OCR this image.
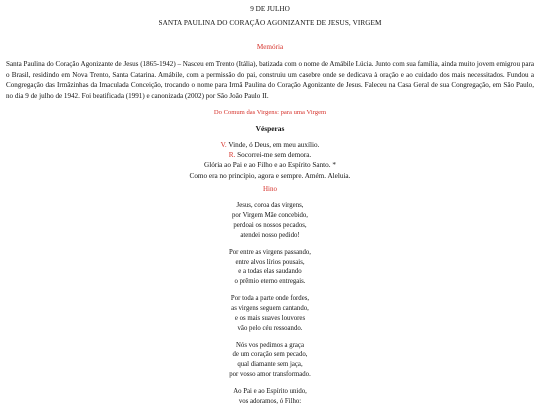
9 DE JULHO
SANTA PAULINA DO CORAÇÃO AGONIZANTE DE JESUS, VIRGEM
Memória
Santa Paulina do Coração Agonizante de Jesus (1865-1942) – Nasceu em Trento (Itália), batizada com o nome de Amábile Lúcia. Junto com sua família, ainda muito jovem emigrou para o Brasil, residindo em Nova Trento, Santa Catarina. Amábile, com a permissão do pai, construiu um casebre onde se dedicava à oração e ao cuidado dos mais necessitados. Fundou a Congregação das Irmãzinhas da Imaculada Conceição, trocando o nome para Irmã Paulina do Coração Agonizante de Jesus. Faleceu na Casa Geral de sua Congregação, em São Paulo, no dia 9 de julho de 1942. Foi beatificada (1991) e canonizada (2002) por São João Paulo II.
Do Comum das Virgens: para uma Virgem
Vésperas
V. Vinde, ó Deus, em meu auxílio.
R. Socorrei-me sem demora.
Glória ao Pai e ao Filho e ao Espírito Santo. *
Como era no princípio, agora e sempre. Amém. Aleluia.
Hino
Jesus, coroa das virgens,
por Virgem Mãe concebido,
perdoai os nossos pecados,
atendei nosso pedido!
Por entre as virgens passando,
entre alvos lírios pousais,
e a todas elas saudando
o prêmio eterno entregais.
Por toda a parte onde fordes,
as virgens seguem cantando,
e os mais suaves louvores
vão pelo céu ressoando.
Nós vos pedimos a graça
de um coração sem pecado,
qual diamante sem jaça,
por vosso amor transformado.
Ao Pai e ao Espírito unido,
vos adoramos, ó Filho:
